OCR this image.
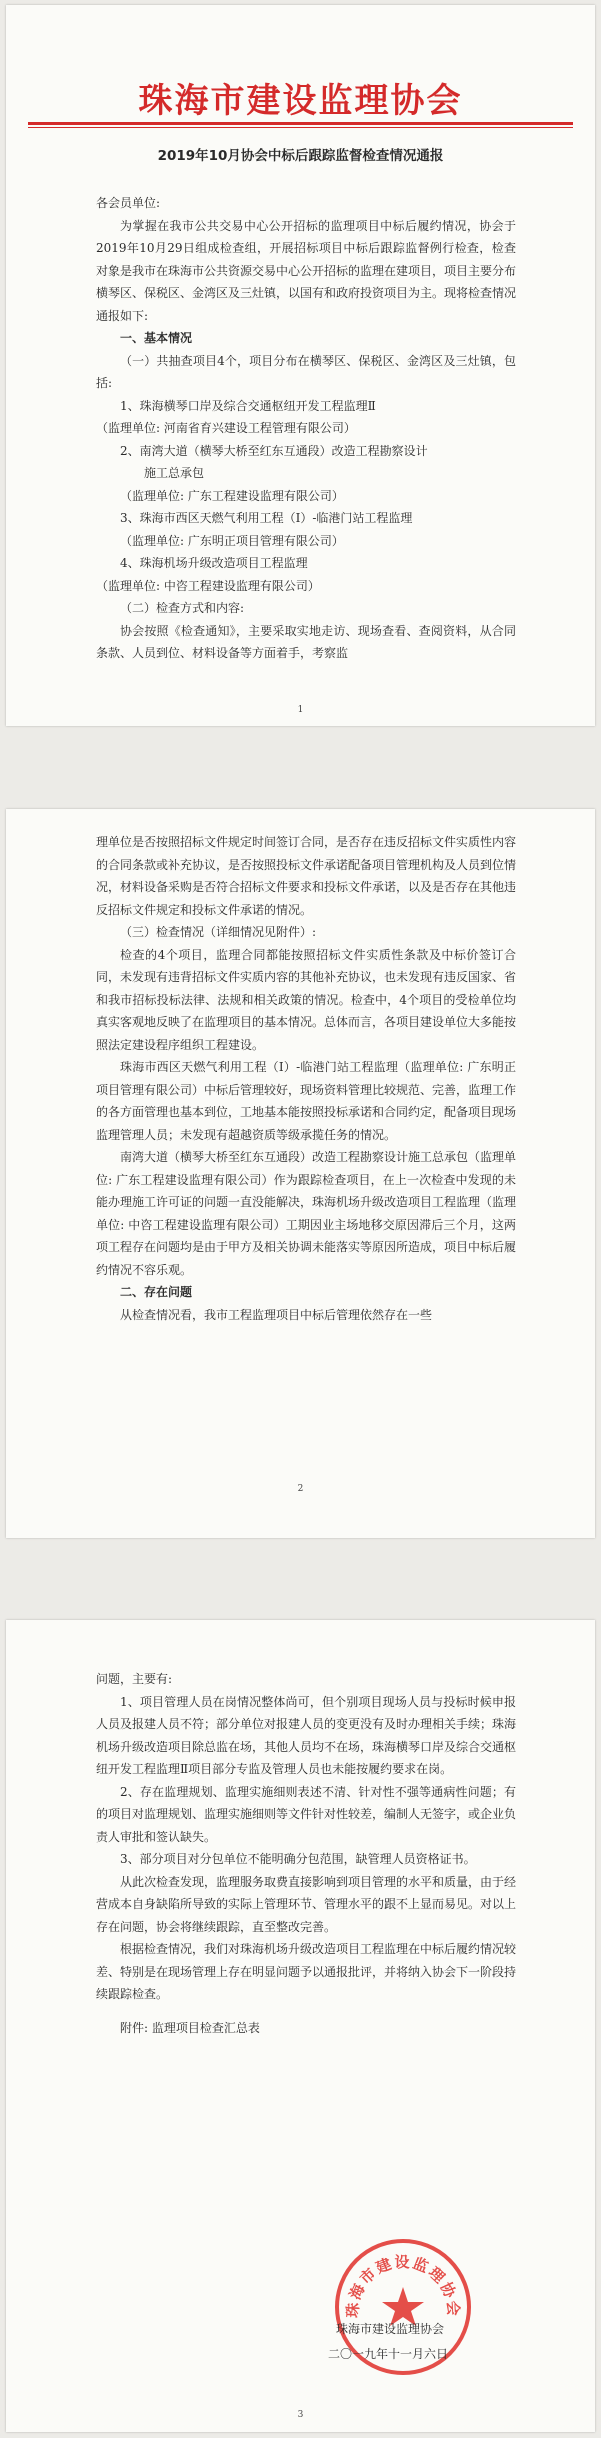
珠海市建设监理协会
2019年10月协会中标后跟踪监督检查情况通报

各会员单位:

为掌握在我市公共交易中心公开招标的监理项目中标后履约情况，协会于2019年10月29日组成检查组，开展招标项目中标后跟踪监督例行检查，检查对象是我市在珠海市公共资源交易中心公开招标的监理在建项目，项目主要分布横琴区、保税区、金湾区及三灶镇，以国有和政府投资项目为主。现将检查情况通报如下:

一、基本情况

（一）共抽查项目4个，项目分布在横琴区、保税区、金湾区及三灶镇，包括:

1、珠海横琴口岸及综合交通枢纽开发工程监理Ⅱ

（监理单位: 河南省育兴建设工程管理有限公司）

2、南湾大道（横琴大桥至红东互通段）改造工程勘察设计

施工总承包

（监理单位: 广东工程建设监理有限公司）

3、珠海市西区天燃气利用工程（Ⅰ）-临港门站工程监理

（监理单位: 广东明正项目管理有限公司）

4、珠海机场升级改造项目工程监理

（监理单位: 中咨工程建设监理有限公司）

（二）检查方式和内容:

协会按照《检查通知》，主要采取实地走访、现场查看、查阅资料，从合同条款、人员到位、材料设备等方面着手，考察监

1

理单位是否按照招标文件规定时间签订合同，是否存在违反招标文件实质性内容的合同条款或补充协议，是否按照投标文件承诺配备项目管理机构及人员到位情况，材料设备采购是否符合招标文件要求和投标文件承诺，以及是否存在其他违反招标文件规定和投标文件承诺的情况。

（三）检查情况（详细情况见附件）:

检查的4个项目，监理合同都能按照招标文件实质性条款及中标价签订合同，未发现有违背招标文件实质内容的其他补充协议，也未发现有违反国家、省和我市招标投标法律、法规和相关政策的情况。检查中，4个项目的受检单位均真实客观地反映了在监理项目的基本情况。总体而言，各项目建设单位大多能按照法定建设程序组织工程建设。

珠海市西区天燃气利用工程（Ⅰ）-临港门站工程监理（监理单位: 广东明正项目管理有限公司）中标后管理较好，现场资料管理比较规范、完善，监理工作的各方面管理也基本到位，工地基本能按照投标承诺和合同约定，配备项目现场监理管理人员；未发现有超越资质等级承揽任务的情况。

南湾大道（横琴大桥至红东互通段）改造工程勘察设计施工总承包（监理单位: 广东工程建设监理有限公司）作为跟踪检查项目，在上一次检查中发现的未能办理施工许可证的问题一直没能解决，珠海机场升级改造项目工程监理（监理单位: 中咨工程建设监理有限公司）工期因业主场地移交原因滞后三个月，这两项工程存在问题均是由于甲方及相关协调未能落实等原因所造成，项目中标后履约情况不容乐观。

二、存在问题

从检查情况看，我市工程监理项目中标后管理依然存在一些

2

问题，主要有:

1、项目管理人员在岗情况整体尚可，但个别项目现场人员与投标时候申报人员及报建人员不符；部分单位对报建人员的变更没有及时办理相关手续；珠海机场升级改造项目除总监在场，其他人员均不在场，珠海横琴口岸及综合交通枢纽开发工程监理Ⅱ项目部分专监及管理人员也未能按履约要求在岗。

2、存在监理规划、监理实施细则表述不清、针对性不强等通病性问题；有的项目对监理规划、监理实施细则等文件针对性较差，编制人无签字，或企业负责人审批和签认缺失。

3、部分项目对分包单位不能明确分包范围，缺管理人员资格证书。

从此次检查发现，监理服务取费直接影响到项目管理的水平和质量，由于经营成本自身缺陷所导致的实际上管理环节、管理水平的跟不上显而易见。对以上存在问题，协会将继续跟踪，直至整改完善。

根据检查情况，我们对珠海机场升级改造项目工程监理在中标后履约情况较差、特别是在现场管理上存在明显问题予以通报批评，并将纳入协会下一阶段持续跟踪检查。

附件: 监理项目检查汇总表

珠海市建设监理协会
珠海市建设监理协会
二〇一九年十一月六日
3
